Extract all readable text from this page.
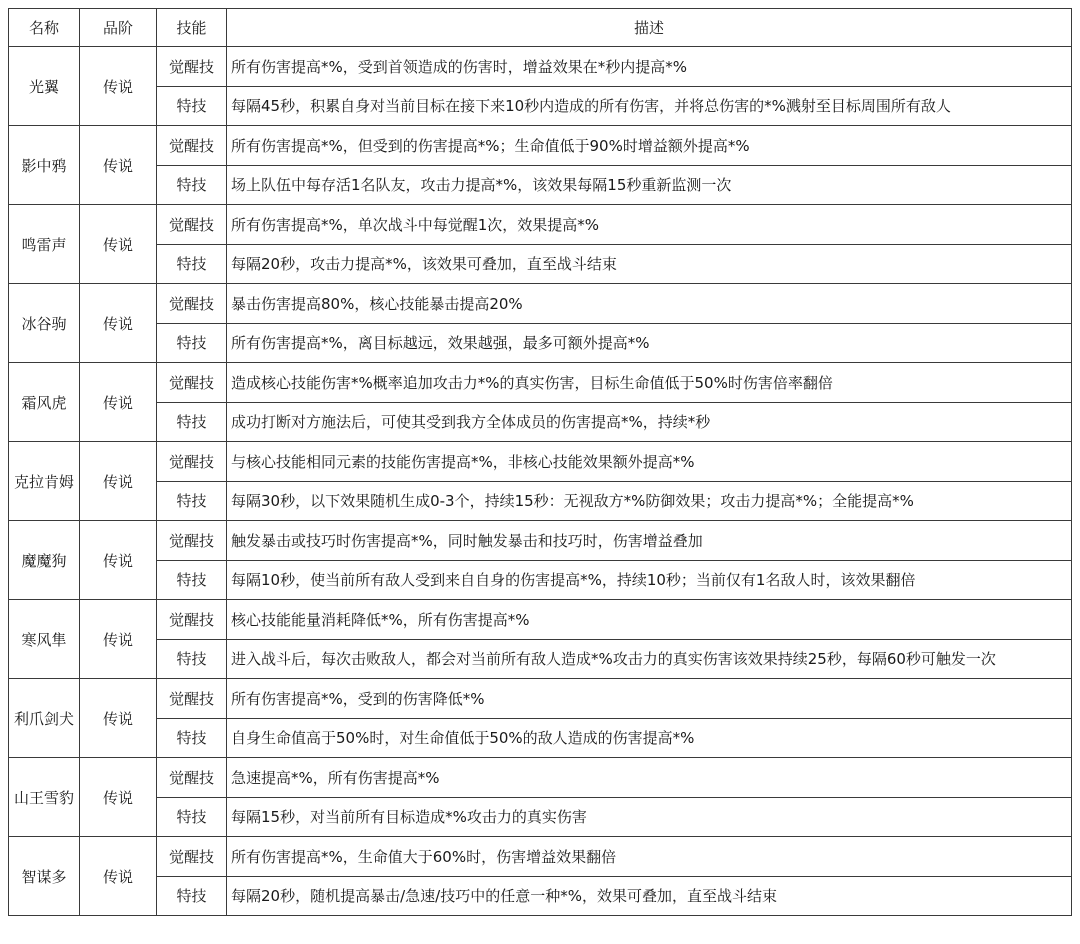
名称	品阶	技能	描述
光翼	传说	觉醒技	所有伤害提高*%，受到首领造成的伤害时，增益效果在*秒内提高*%
		特技	每隔45秒，积累自身对当前目标在接下来10秒内造成的所有伤害，并将总伤害的*%溅射至目标周围所有敌人
影中鸦	传说	觉醒技	所有伤害提高*%，但受到的伤害提高*%；生命值低于90%时增益额外提高*%
		特技	场上队伍中每存活1名队友，攻击力提高*%，该效果每隔15秒重新监测一次
鸣雷声	传说	觉醒技	所有伤害提高*%，单次战斗中每觉醒1次，效果提高*%
		特技	每隔20秒，攻击力提高*%，该效果可叠加，直至战斗结束
冰谷驹	传说	觉醒技	暴击伤害提高80%，核心技能暴击提高20%
		特技	所有伤害提高*%，离目标越远，效果越强，最多可额外提高*%
霜风虎	传说	觉醒技	造成核心技能伤害*%概率追加攻击力*%的真实伤害，目标生命值低于50%时伤害倍率翻倍
		特技	成功打断对方施法后，可使其受到我方全体成员的伤害提高*%，持续*秒
克拉肯姆	传说	觉醒技	与核心技能相同元素的技能伤害提高*%，非核心技能效果额外提高*%
		特技	每隔30秒，以下效果随机生成0-3个，持续15秒：无视敌方*%防御效果；攻击力提高*%；全能提高*%
魔魔狗	传说	觉醒技	触发暴击或技巧时伤害提高*%，同时触发暴击和技巧时，伤害增益叠加
		特技	每隔10秒，使当前所有敌人受到来自自身的伤害提高*%，持续10秒；当前仅有1名敌人时，该效果翻倍
寒风隼	传说	觉醒技	核心技能能量消耗降低*%，所有伤害提高*%
		特技	进入战斗后，每次击败敌人，都会对当前所有敌人造成*%攻击力的真实伤害该效果持续25秒，每隔60秒可触发一次
利爪剑犬	传说	觉醒技	所有伤害提高*%，受到的伤害降低*%
		特技	自身生命值高于50%时，对生命值低于50%的敌人造成的伤害提高*%
山王雪豹	传说	觉醒技	急速提高*%，所有伤害提高*%
		特技	每隔15秒，对当前所有目标造成*%攻击力的真实伤害
智谋多	传说	觉醒技	所有伤害提高*%，生命值大于60%时，伤害增益效果翻倍
		特技	每隔20秒，随机提高暴击/急速/技巧中的任意一种*%，效果可叠加，直至战斗结束
